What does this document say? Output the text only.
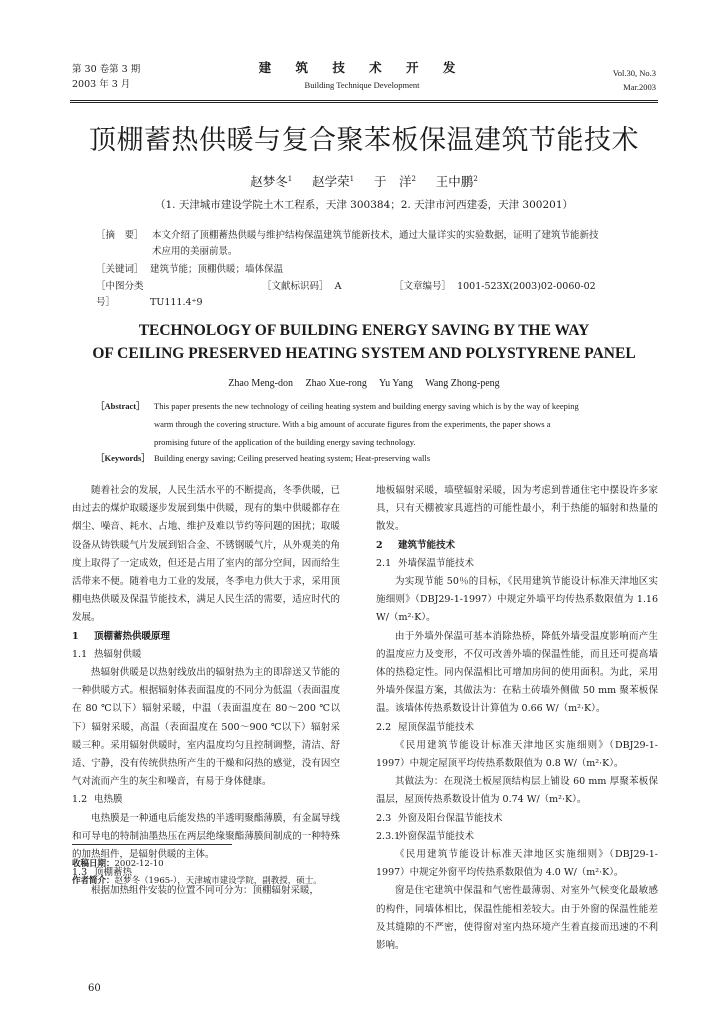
第 30 卷第 3 期
2003 年 3 月
建 筑 技 术 开 发
Building Technique Development
Vol.30, No.3
Mar.2003
顶棚蓄热供暖与复合聚苯板保温建筑节能技术
赵梦冬$^1$ 赵学荣$^1$ 于　洋$^2$ 王中鹏$^2$
（1. 天津城市建设学院土木工程系，天津 300384；2. 天津市河西建委，天津 300201）
［摘　要］ 本文介绍了顶棚蓄热供暖与维护结构保温建筑节能新技术，通过大量详实的实验数据，证明了建筑节能新技
术应用的美丽前景。
［关键词］ 建筑节能；顶棚供暖；墙体保温
［中图分类号］	TU111.4⁺9
［文献标识码］ A	［文章编号］ 1001-523X(2003)02-0060-02
TECHNOLOGY OF BUILDING ENERGY SAVING BY THE WAY
OF CEILING PRESERVED HEATING SYSTEM AND POLYSTYRENE PANEL
Zhao Meng-don　 Zhao Xue-rong　 Yu Yang　 Wang Zhong-peng
［Abstract］ This paper presents the new technology of ceiling heating system and building energy saving which is by the way of keeping
warm through the covering structure. With a big amount of accurate figures from the experiments, the paper shows a
promising future of the application of the building energy saving technology.
［Keywords］ Building energy saving; Ceiling preserved heating system; Heat-preserving walls

随着社会的发展，人民生活水平的不断提高，冬季供暖，已由过去的煤炉取暖逐步发展到集中供暖，现有的集中供暖都存在烟尘、噪音、耗水、占地、维护及难以节约等问题的困扰；取暖设备从铸铁暖气片发展到铝合金、不锈钢暖气片，从外观美的角度上取得了一定成效，但还是占用了室内的部分空间，因而给生活带来不便。随着电力工业的发展，冬季电力供大于求，采用顶棚电热供暖及保温节能技术，满足人民生活的需要，适应时代的发展。

1 顶棚蓄热供暖原理

1.1 热辐射供暖

热辐射供暖是以热射线放出的辐射热为主的即辞送又节能的一种供暖方式。根据辐射体表面温度的不同分为低温（表面温度在 80 ℃以下）辐射采暖，中温（表面温度在 80～200 ℃以下）辐射采暖，高温（表面温度在 500～900 ℃以下）辐射采暖三种。采用辐射供暖时，室内温度均匀且控制调整，清洁、舒适、宁静，没有传统供热所产生的干燥和闷热的感觉，没有因空气对流而产生的灰尘和噪音，有易于身体健康。

1.2 电热膜

电热膜是一种通电后能发热的半透明聚酯薄膜，有金属导线和可导电的特制油墨热压在两层绝缘聚酯薄膜间制成的一种特殊的加热组件，是辐射供暖的主体。

1.3 顶棚蓄热

根据加热组件安装的位置不同可分为：顶棚辐射采暖，

地板辐射采暖，墙壁辐射采暖，因为考虑到普通住宅中摆设许多家具，只有天棚被家具遮挡的可能性最小，利于热能的辐射和热量的散发。

2 建筑节能技术

2.1 外墙保温节能技术

为实现节能 50％的目标，《民用建筑节能设计标准天津地区实施细则》（DBJ29-1-1997）中规定外墙平均传热系数限值为 1.16 W/（m²·K）。

由于外墙外保温可基本消除热桥，降低外墙受温度影响而产生的温度应力及变形，不仅可改善外墙的保温性能，而且还可提高墙体的热稳定性。同内保温相比可增加房间的使用面积。为此，采用外墙外保温方案，其做法为：在粘土砖墙外侧做 50 mm 聚苯板保温。该墙体传热系数设计计算值为 0.66 W/（m²·K）。

2.2 屋顶保温节能技术

《民用建筑节能设计标准天津地区实施细则》（DBJ29-1-1997）中规定屋顶平均传热系数限值为 0.8 W/（m²·K）。

其做法为：在现浇土板屋顶结构层上铺设 60 mm 厚聚苯板保温层，屋顶传热系数设计值为 0.74 W/（m²·K）。

2.3 外窗及阳台保温节能技术

2.3.1外窗保温节能技术

《民用建筑节能设计标准天津地区实施细则》（DBJ29-1-1997）中规定外窗平均传热系数限值为 4.0 W/（m²·K）。

窗是住宅建筑中保温和气密性最薄弱、对室外气候变化最敏感的构件，同墙体相比，保温性能相差较大。由于外窗的保温性能差及其缝隙的不严密，使得窗对室内热环境产生着直接而迅速的不利影响。

收稿日期：2002-12-10
作者简介：赵梦冬（1965-），天津城市建设学院，副教授，硕士。
60
